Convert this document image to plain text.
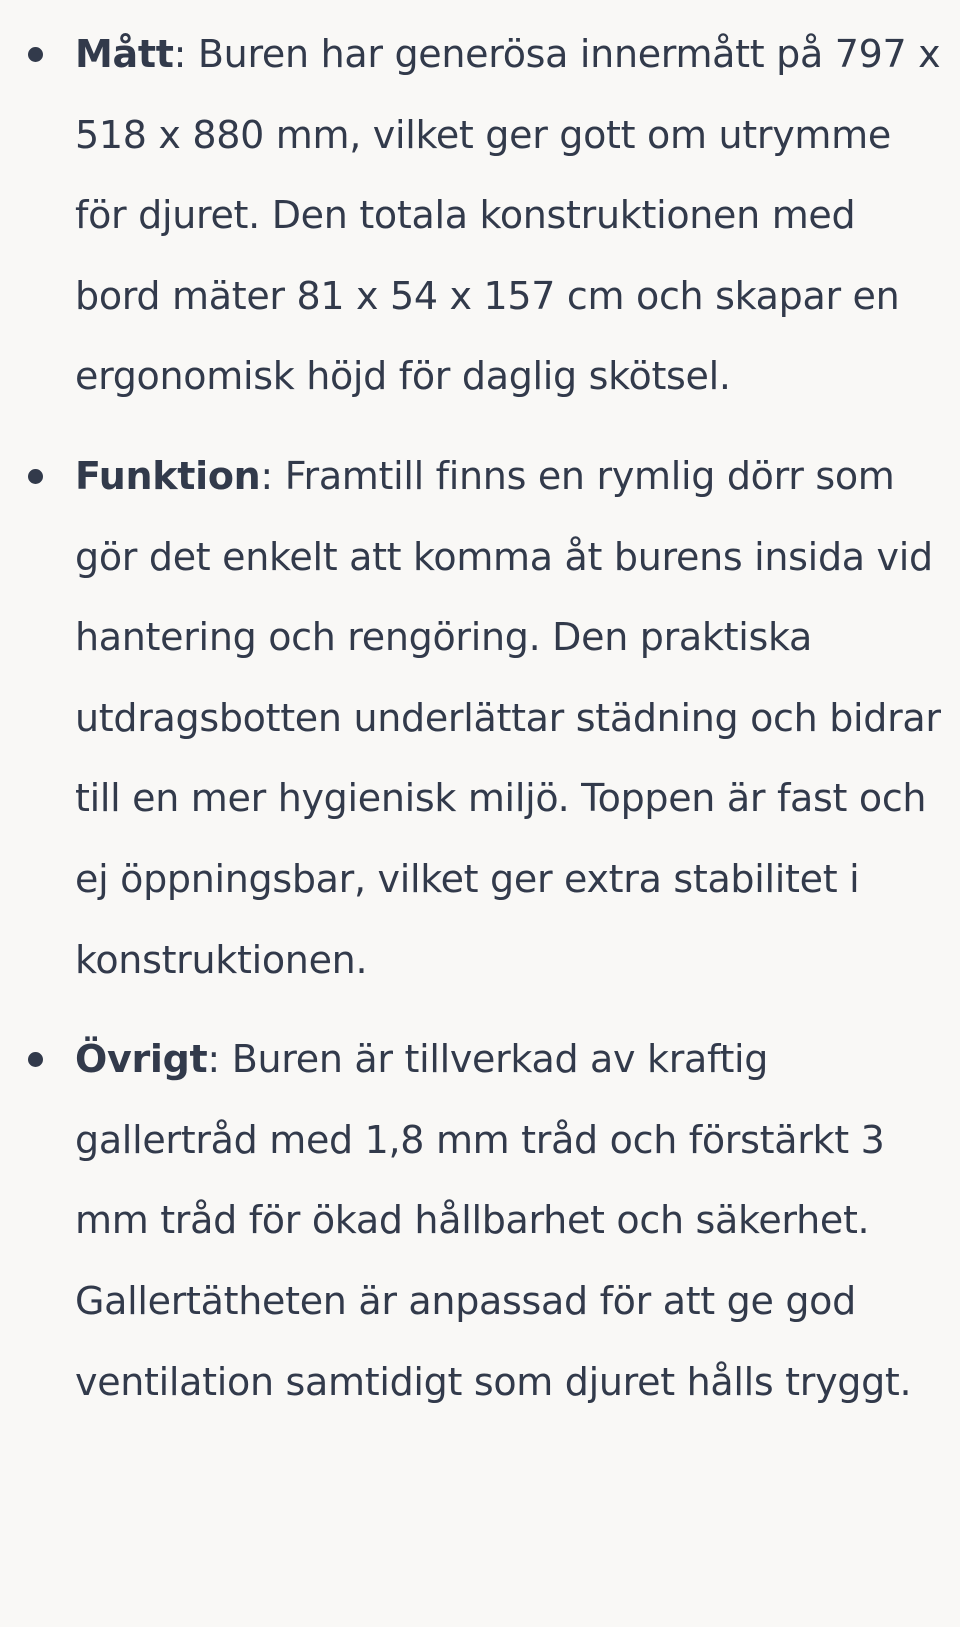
Mått: Buren har generösa innermått på 797 x 518 x 880 mm, vilket ger gott om utrymme för djuret. Den totala konstruktionen med bord mäter 81 x 54 x 157 cm och skapar en ergonomisk höjd för daglig skötsel.
Funktion: Framtill finns en rymlig dörr som gör det enkelt att komma åt burens insida vid hantering och rengöring. Den praktiska utdragsbotten underlättar städning och bidrar till en mer hygienisk miljö. Toppen är fast och ej öppningsbar, vilket ger extra stabilitet i konstruktionen.
Övrigt: Buren är tillverkad av kraftig gallertråd med 1,8 mm tråd och förstärkt 3 mm tråd för ökad hållbarhet och säkerhet. Gallertätheten är anpassad för att ge god ventilation samtidigt som djuret hålls tryggt.
